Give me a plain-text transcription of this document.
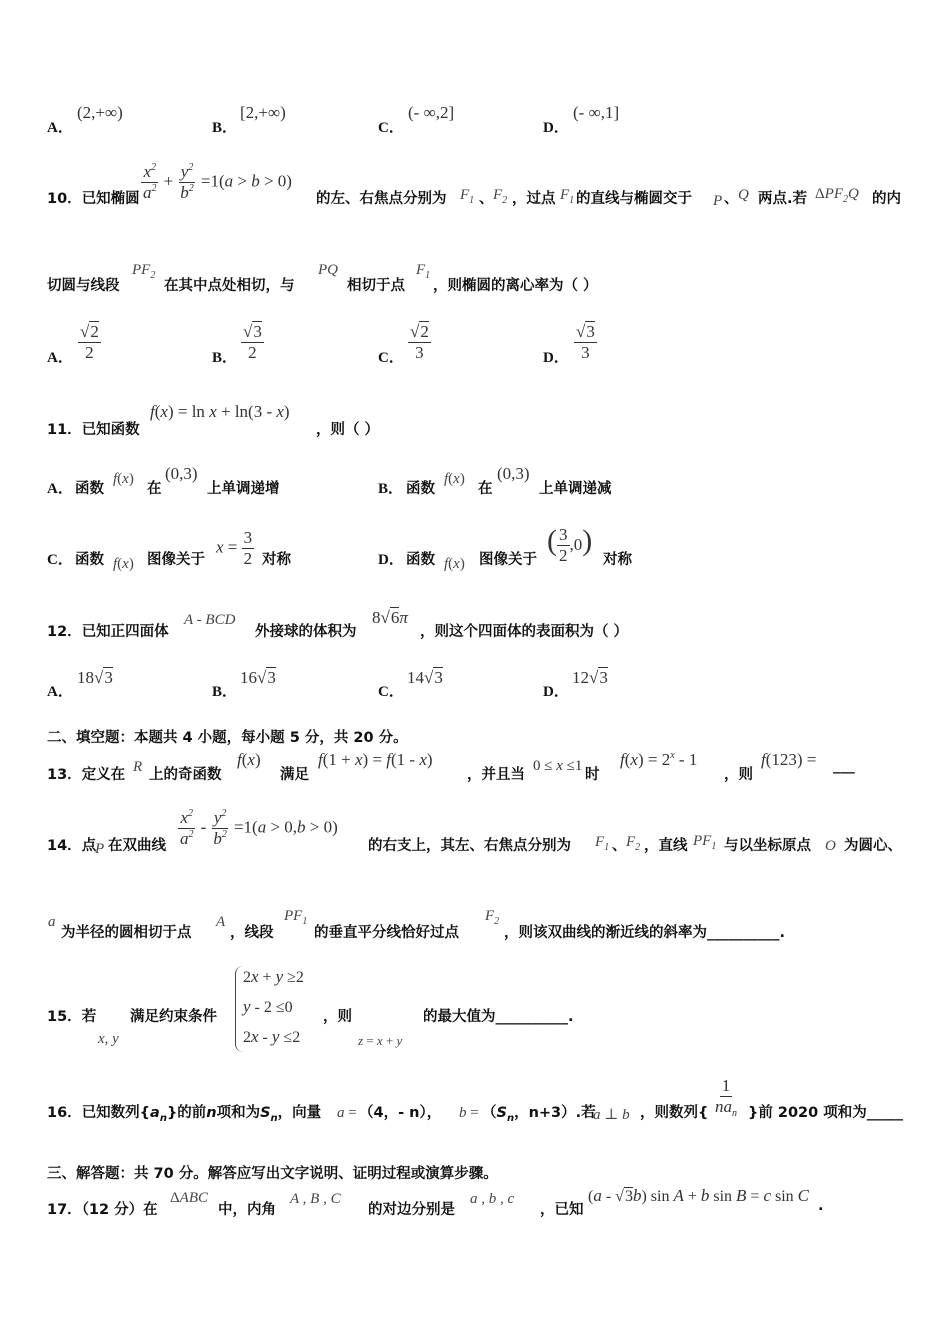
A．
(2,+∞)
B．
[2,+∞)
C．
(- ∞,2]
D．
(- ∞,1]
10．已知椭圆 $\frac{x^2}{a^2} + \frac{y^2}{b^2} =1(a > b > 0)$
的左、右焦点分别为 $F_1$ 、 $F_2$ ，过点 $F_1$ 的直线与椭圆交于 P 、 Q 两点.若 $\Delta PF_2Q$ 的内
切圆与线段
$PF_2$
在其中点处相切，与
PQ
相切于点
$F_1$
，则椭圆的离心率为（ ）
A． $\frac{√2}{2}$	B． $\frac{√3}{2}$	C． $\frac{√2}{3}$	D． $\frac{√3}{3}$
11．已知函数
f(x) = ln x + ln(3 - x)
，则（ ）
A． 函数
f(x)
在
(0,3)
上单调递增	B． 函数
f(x)
在
(0,3)
上单调递减
C． 函数 f(x) 图像关于
$x = \frac{3}{2}$ 对称	D． 函数 f(x) 图像关于
( $\frac{3}{2} ,0$)
对称
12．已知正四面体
A - BCD
外接球的体积为
8√6π
，则这个四面体的表面积为（ ）
A．
18√3
B．
16√3
C．
14√3
D．
12√3
二、填空题：本题共 4 小题，每小题 5 分，共 20 分。
13．定义在 R 上的奇函数
f(x)
满足
f(1 + x) = f(1 - x)
，并且当
0 ≤ x ≤1
时
$f(x) = 2^x - 1$
，则
f(123) = ___
14．点
P 在双曲线 $\frac{x^2}{a^2} - \frac{y^2}{b^2} =1(a > 0,b > 0)$
的右支上，其左、右焦点分别为 $F_1$ 、 $F_2$ ，直线 $PF_1$ 与以坐标原点 O 为圆心、
a
为半径的圆相切于点
A
，线段
$PF_1$
的垂直平分线恰好过点
$F_2$
，则该双曲线的渐近线的斜率为__________.
15．若
x, y
满足约束条件
2x + y ≥2
y - 2 ≤0
2x - y ≤2
，则
z = x + y
的最大值为__________.
16．已知数列$\{a_n\}$的前n项和为$S_n$，向量 a = （4，- n）， $b = (S_n$，n+3）.若
a ⊥ b ，则数列{
1
$na_n$ }前 2020 项和为_____
三、解答题：共 70 分。解答应写出文字说明、证明过程或演算步骤。
17．（12 分）在
ΔABC
中，内角
A , B , C
的对边分别是
a , b , c
，已知
(a - √3b) sin A + b sin B = c sin C
.
